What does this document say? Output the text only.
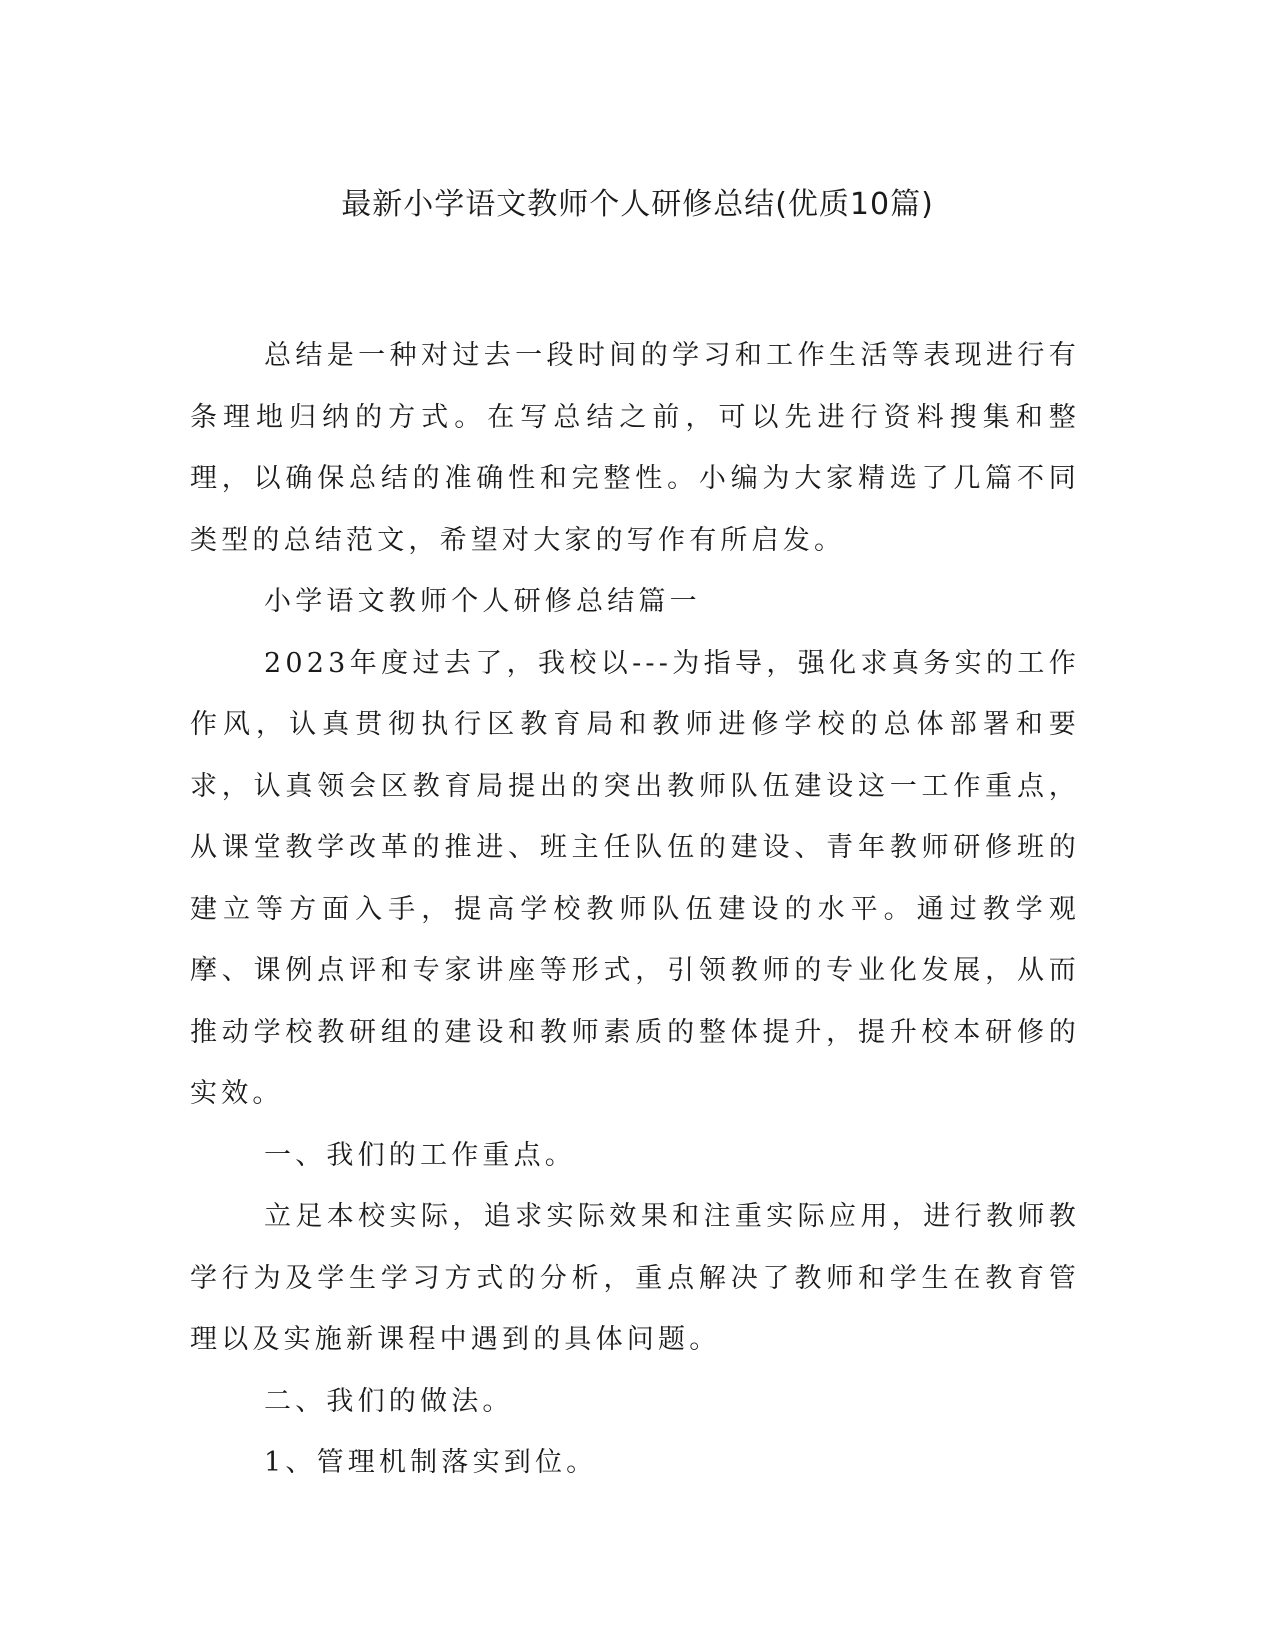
最新小学语文教师个人研修总结(优质10篇)

总结是一种对过去一段时间的学习和工作生活等表现进行有条理地归纳的方式。在写总结之前，可以先进行资料搜集和整理，以确保总结的准确性和完整性。小编为大家精选了几篇不同类型的总结范文，希望对大家的写作有所启发。

小学语文教师个人研修总结篇一

2023年度过去了，我校以---为指导，强化求真务实的工作作风，认真贯彻执行区教育局和教师进修学校的总体部署和要求，认真领会区教育局提出的突出教师队伍建设这一工作重点，从课堂教学改革的推进、班主任队伍的建设、青年教师研修班的建立等方面入手，提高学校教师队伍建设的水平。通过教学观摩、课例点评和专家讲座等形式，引领教师的专业化发展，从而推动学校教研组的建设和教师素质的整体提升，提升校本研修的实效。

一、我们的工作重点。

立足本校实际，追求实际效果和注重实际应用，进行教师教学行为及学生学习方式的分析，重点解决了教师和学生在教育管理以及实施新课程中遇到的具体问题。

二、我们的做法。

1、管理机制落实到位。
